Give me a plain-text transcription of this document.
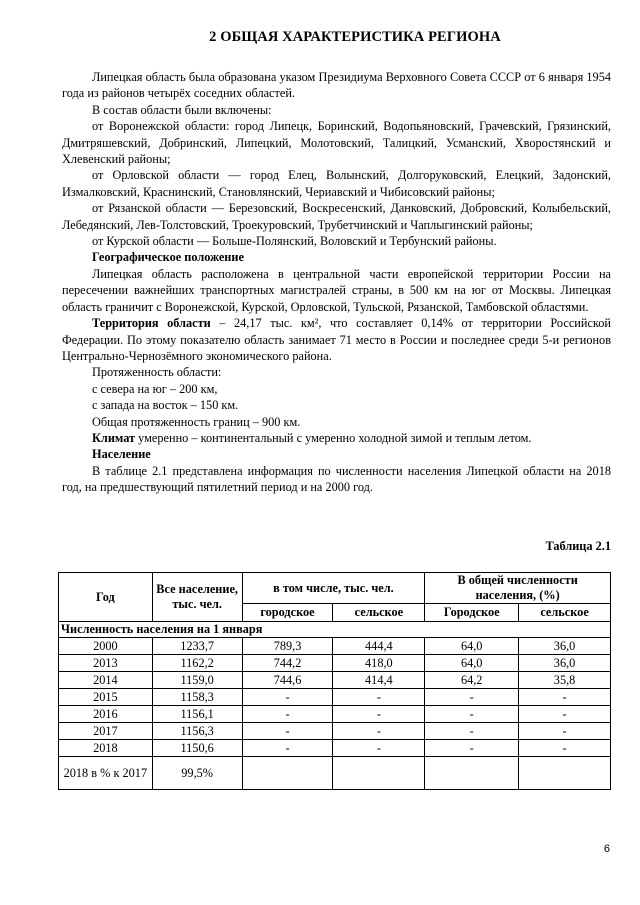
2 ОБЩАЯ ХАРАКТЕРИСТИКА РЕГИОНА

Липецкая область была образована указом Президиума Верховного Совета СССР от 6 января 1954 года из районов четырёх соседних областей.

В состав области были включены:

от Воронежской области: город Липецк, Боринский, Водопьяновский, Грачевский, Грязинский, Дмитряшевский, Добринский, Липецкий, Молотовский, Талицкий, Усманский, Хворостянский и Хлевенский районы;

от Орловской области — город Елец, Волынский, Долгоруковский, Елецкий, Задонский, Измалковский, Краснинский, Становлянский, Чериавский и Чибисовский районы;

от Рязанской области — Березовский, Воскресенский, Данковский, Добровский, Колыбельский, Лебедянский, Лев-Толстовский, Троекуровский, Трубетчинский и Чаплыгинский районы;

от Курской области — Больше-Полянский, Воловский и Тербунский районы.

Географическое положение

Липецкая область расположена в центральной части европейской территории России на пересечении важнейших транспортных магистралей страны, в 500 км на юг от Москвы. Липецкая область граничит с Воронежской, Курской, Орловской, Тульской, Рязанской, Тамбовской областями.

Территория области – 24,17 тыс. км², что составляет 0,14% от территории Российской Федерации. По этому показателю область занимает 71 место в России и последнее среди 5-и регионов Центрально-Чернозёмного экономического района.

Протяженность области:

с севера на юг – 200 км,

с запада на восток – 150 км.

Общая протяженность границ – 900 км.

Климат умеренно – континентальный с умеренно холодной зимой и теплым летом.

Население

В таблице 2.1 представлена информация по численности населения Липецкой области на 2018 год, на предшествующий пятилетний период и на 2000 год.

Таблица 2.1
Год	Все население, тыс. чел.	в том числе, тыс. чел.		В общей численности населения, (%)	
		городское	сельское	Городское	сельское
Численность населения на 1 января					
2000	1233,7	789,3	444,4	64,0	36,0
2013	1162,2	744,2	418,0	64,0	36,0
2014	1159,0	744,6	414,4	64,2	35,8
2015	1158,3	-	-	-	-
2016	1156,1	-	-	-	-
2017	1156,3	-	-	-	-
2018	1150,6	-	-	-	-
2018 в % к 2017	99,5%				
6
